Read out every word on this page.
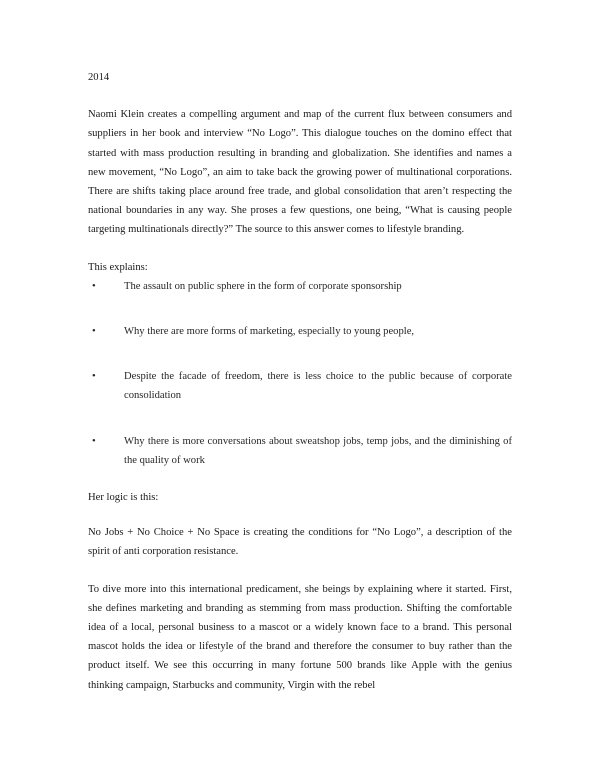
2014

Naomi Klein creates a compelling argument and map of the current flux between consumers and suppliers in her book and interview “No Logo”. This dialogue touches on the domino effect that started with mass production resulting in branding and globalization. She identifies and names a new movement, “No Logo”, an aim to take back the growing power of multinational corporations. There are shifts taking place around free trade, and global consolidation that aren’t respecting the national boundaries in any way. She proses a few questions, one being, “What is causing people targeting multinationals directly?” The source to this answer comes to lifestyle branding.

This explains:

•	The assault on public sphere in the form of corporate sponsorship
•	Why there are more forms of marketing, especially to young people,
•	Despite the facade of freedom, there is less choice to the public because of corporate consolidation
•	Why there is more conversations about sweatshop jobs, temp jobs, and the diminishing of the quality of work

Her logic is this:

No Jobs + No Choice + No Space is creating the conditions for “No Logo”, a description of the spirit of anti corporation resistance.

To dive more into this international predicament, she beings by explaining where it started. First, she defines marketing and branding as stemming from mass production. Shifting the comfortable idea of a local, personal business to a mascot or a widely known face to a brand. This personal mascot holds the idea or lifestyle of the brand and therefore the consumer to buy rather than the product itself. We see this occurring in many fortune 500 brands like Apple with the genius thinking campaign, Starbucks and community, Virgin with the rebel
